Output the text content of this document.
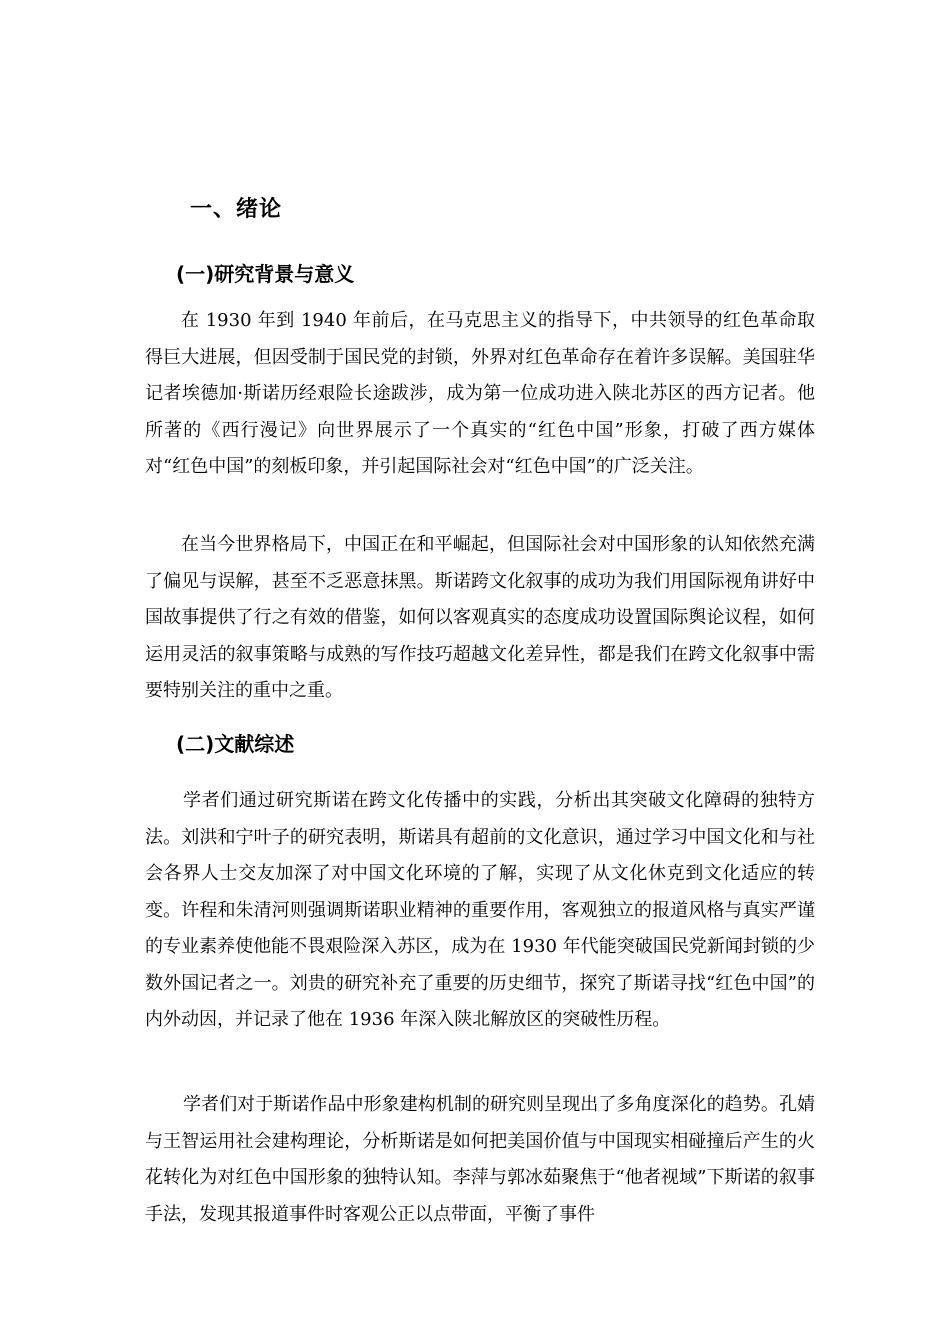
一、绪论
(一)研究背景与意义

在 1930 年到 1940 年前后，在马克思主义的指导下，中共领导的红色革命取得巨大进展，但因受制于国民党的封锁，外界对红色革命存在着许多误解。美国驻华记者埃德加·斯诺历经艰险长途跋涉，成为第一位成功进入陕北苏区的西方记者。他所著的《西行漫记》向世界展示了一个真实的“红色中国”形象，打破了西方媒体对“红色中国”的刻板印象，并引起国际社会对“红色中国”的广泛关注。

在当今世界格局下，中国正在和平崛起，但国际社会对中国形象的认知依然充满了偏见与误解，甚至不乏恶意抹黑。斯诺跨文化叙事的成功为我们用国际视角讲好中国故事提供了行之有效的借鉴，如何以客观真实的态度成功设置国际舆论议程，如何运用灵活的叙事策略与成熟的写作技巧超越文化差异性，都是我们在跨文化叙事中需要特别关注的重中之重。

(二)文献综述

学者们通过研究斯诺在跨文化传播中的实践，分析出其突破文化障碍的独特方法。刘洪和宁叶子的研究表明，斯诺具有超前的文化意识，通过学习中国文化和与社会各界人士交友加深了对中国文化环境的了解，实现了从文化休克到文化适应的转变。许程和朱清河则强调斯诺职业精神的重要作用，客观独立的报道风格与真实严谨的专业素养使他能不畏艰险深入苏区，成为在 1930 年代能突破国民党新闻封锁的少数外国记者之一。刘贵的研究补充了重要的历史细节，探究了斯诺寻找“红色中国”的内外动因，并记录了他在 1936 年深入陕北解放区的突破性历程。

学者们对于斯诺作品中形象建构机制的研究则呈现出了多角度深化的趋势。孔婧与王智运用社会建构理论，分析斯诺是如何把美国价值与中国现实相碰撞后产生的火花转化为对红色中国形象的独特认知。李萍与郭冰茹聚焦于“他者视域”下斯诺的叙事手法，发现其报道事件时客观公正以点带面，平衡了事件
